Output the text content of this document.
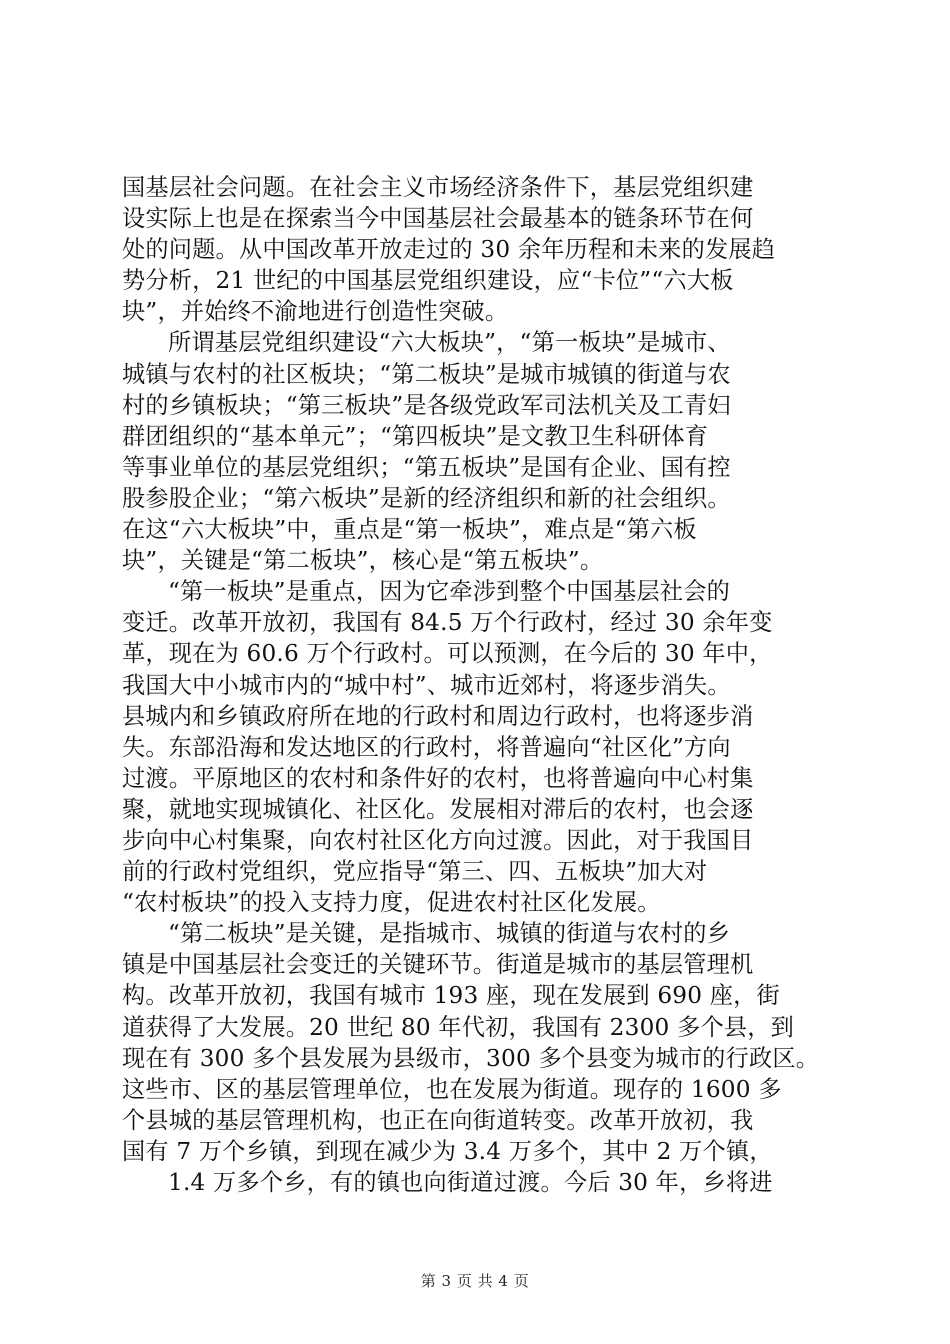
国基层社会问题。在社会主义市场经济条件下，基层党组织建
设实际上也是在探索当今中国基层社会最基本的链条环节在何
处的问题。从中国改革开放走过的 30 余年历程和未来的发展趋
势分析，21 世纪的中国基层党组织建设，应“卡位”“六大板
块”，并始终不渝地进行创造性突破。
所谓基层党组织建设“六大板块”，“第一板块”是城市、
城镇与农村的社区板块；“第二板块”是城市城镇的街道与农
村的乡镇板块；“第三板块”是各级党政军司法机关及工青妇
群团组织的“基本单元”；“第四板块”是文教卫生科研体育
等事业单位的基层党组织；“第五板块”是国有企业、国有控
股参股企业；“第六板块”是新的经济组织和新的社会组织。
在这“六大板块”中，重点是“第一板块”，难点是“第六板
块”，关键是“第二板块”，核心是“第五板块”。
“第一板块”是重点，因为它牵涉到整个中国基层社会的
变迁。改革开放初，我国有 84.5 万个行政村，经过 30 余年变
革，现在为 60.6 万个行政村。可以预测，在今后的 30 年中，
我国大中小城市内的“城中村”、城市近郊村，将逐步消失。
县城内和乡镇政府所在地的行政村和周边行政村，也将逐步消
失。东部沿海和发达地区的行政村，将普遍向“社区化”方向
过渡。平原地区的农村和条件好的农村，也将普遍向中心村集
聚，就地实现城镇化、社区化。发展相对滞后的农村，也会逐
步向中心村集聚，向农村社区化方向过渡。因此，对于我国目
前的行政村党组织，党应指导“第三、四、五板块”加大对
“农村板块”的投入支持力度，促进农村社区化发展。
“第二板块”是关键，是指城市、城镇的街道与农村的乡
镇是中国基层社会变迁的关键环节。街道是城市的基层管理机
构。改革开放初，我国有城市 193 座，现在发展到 690 座，街
道获得了大发展。20 世纪 80 年代初，我国有 2300 多个县，到
现在有 300 多个县发展为县级市，300 多个县变为城市的行政区。
这些市、区的基层管理单位，也在发展为街道。现存的 1600 多
个县城的基层管理机构，也正在向街道转变。改革开放初，我
国有 7 万个乡镇，到现在减少为 3.4 万多个，其中 2 万个镇，
1.4 万多个乡，有的镇也向街道过渡。今后 30 年，乡将进
第 3 页 共 4 页
